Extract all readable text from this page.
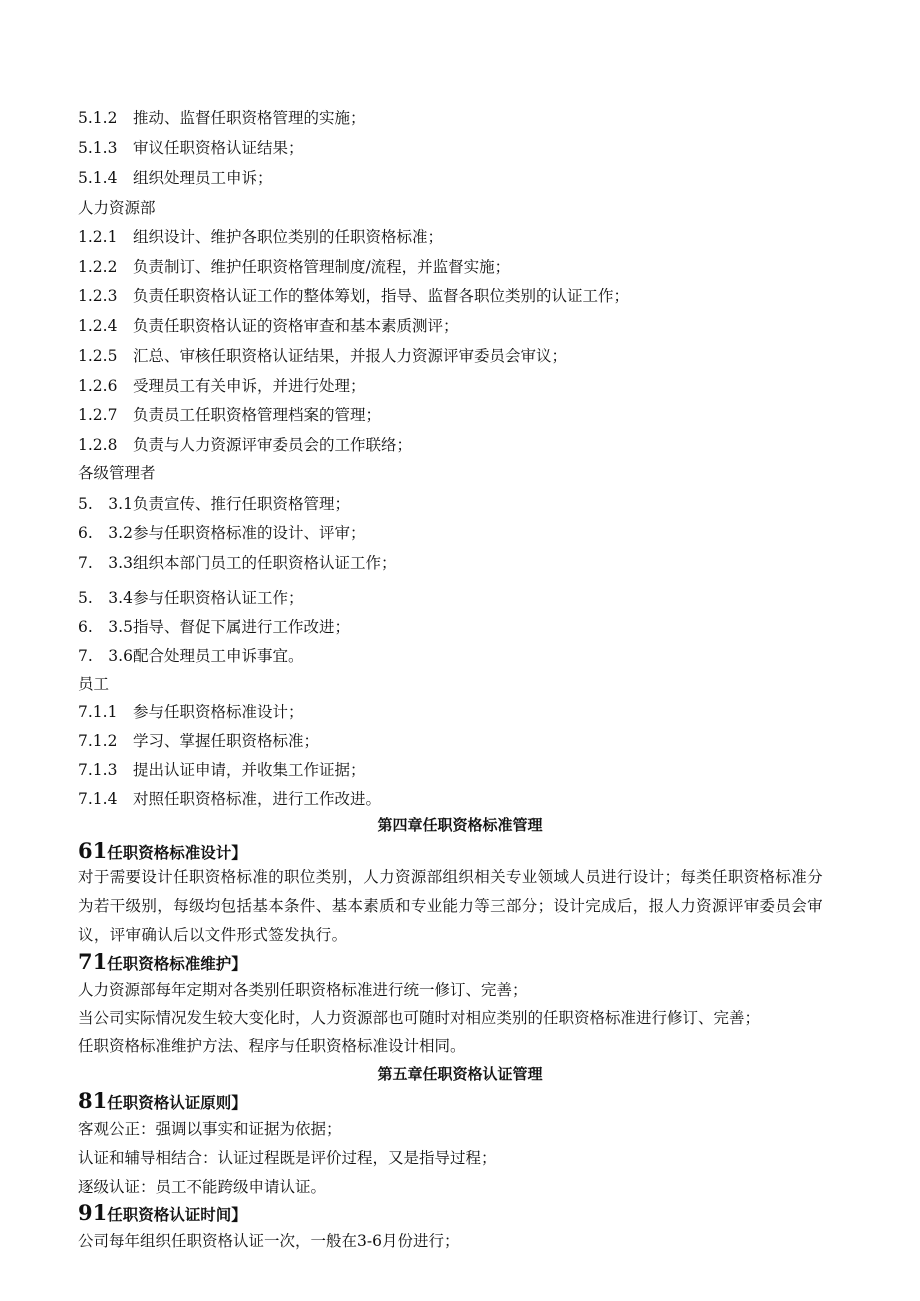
5.1.2　推动、监督任职资格管理的实施；
5.1.3　审议任职资格认证结果；
5.1.4　组织处理员工申诉；
人力资源部
1.2.1　组织设计、维护各职位类别的任职资格标准；
1.2.2　负责制订、维护任职资格管理制度/流程，并监督实施；
1.2.3　负责任职资格认证工作的整体筹划，指导、监督各职位类别的认证工作；
1.2.4　负责任职资格认证的资格审查和基本素质测评；
1.2.5　汇总、审核任职资格认证结果，并报人力资源评审委员会审议；
1.2.6　受理员工有关申诉，并进行处理；
1.2.7　负责员工任职资格管理档案的管理；
1.2.8　负责与人力资源评审委员会的工作联络；
各级管理者
5.　3.1负责宣传、推行任职资格管理；
6.　3.2参与任职资格标准的设计、评审；
7.　3.3组织本部门员工的任职资格认证工作；
5.　3.4参与任职资格认证工作；
6.　3.5指导、督促下属进行工作改进；
7.　3.6配合处理员工申诉事宜。
员工
7.1.1　参与任职资格标准设计；
7.1.2　学习、掌握任职资格标准；
7.1.3　提出认证申请，并收集工作证据；
7.1.4　对照任职资格标准，进行工作改进。
第四章任职资格标准管理
61任职资格标准设计】
对于需要设计任职资格标准的职位类别，人力资源部组织相关专业领域人员进行设计；每类任职资格标准分为若干级别，每级均包括基本条件、基本素质和专业能力等三部分；设计完成后，报人力资源评审委员会审议，评审确认后以文件形式签发执行。
71任职资格标准维护】
人力资源部每年定期对各类别任职资格标准进行统一修订、完善；
当公司实际情况发生较大变化时，人力资源部也可随时对相应类别的任职资格标准进行修订、完善；
任职资格标准维护方法、程序与任职资格标准设计相同。
第五章任职资格认证管理
81任职资格认证原则】
客观公正：强调以事实和证据为依据；
认证和辅导相结合：认证过程既是评价过程，又是指导过程；
逐级认证：员工不能跨级申请认证。
91任职资格认证时间】
公司每年组织任职资格认证一次，一般在3-6月份进行；
